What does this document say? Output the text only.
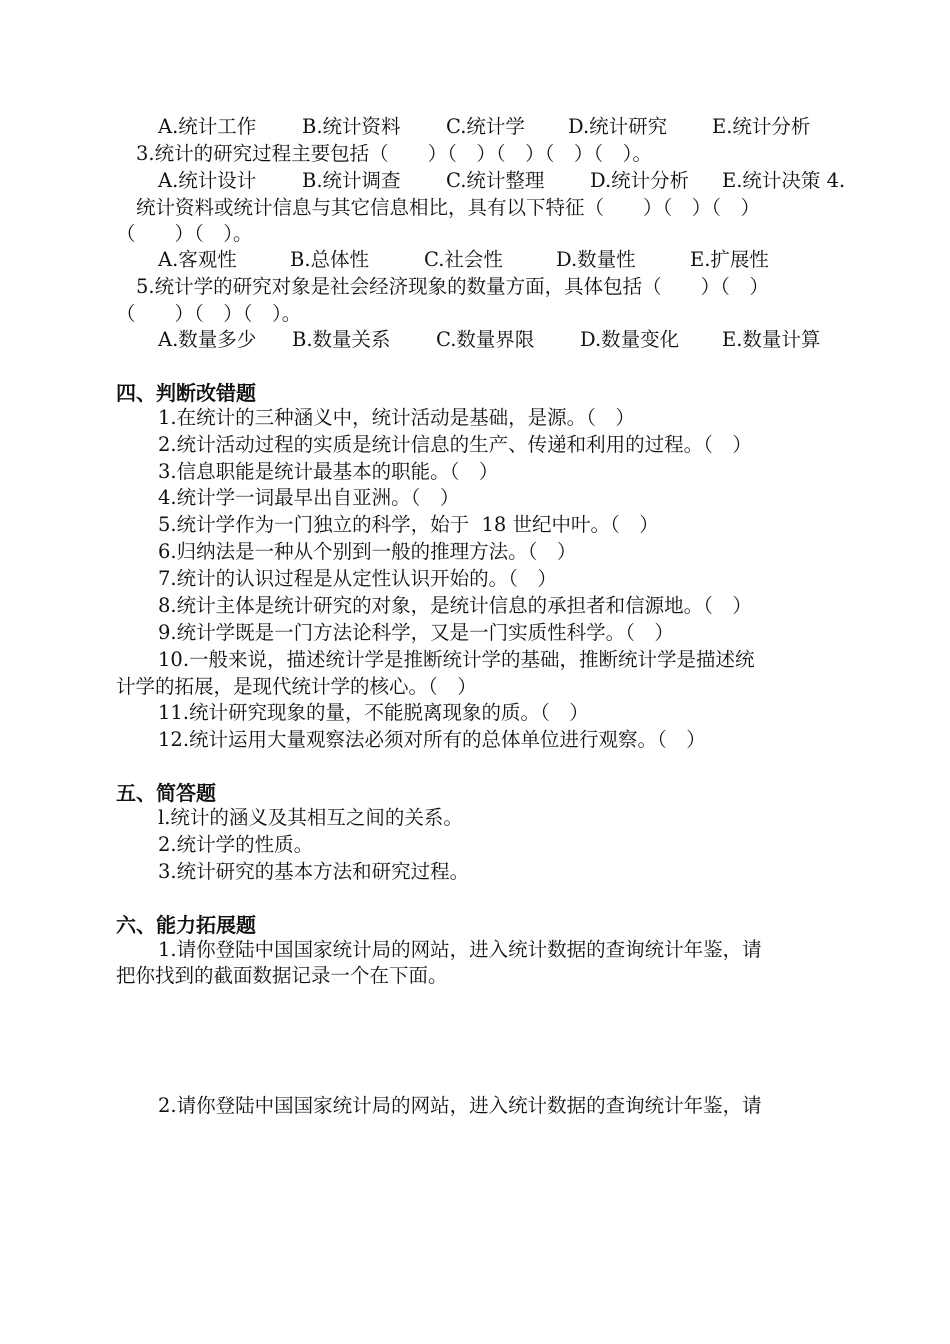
A.统计工作 B.统计资料 C.统计学 D.统计研究 E.统计分析
3.统计的研究过程主要包括（　　）（　）（　）（　）（　）。
A.统计设计 B.统计调查 C.统计整理 D.统计分析 E.统计决策 4.
统计资料或统计信息与其它信息相比，具有以下特征（　　）（　）（　）
（　　）（　）。
A.客观性	B.总体性	C.社会性	D.数量性	E.扩展性
5.统计学的研究对象是社会经济现象的数量方面，具体包括（　　）（　）
（　　）（　）（　）。
A.数量多少 B.数量关系 C.数量界限 D.数量变化 E.数量计算
四、判断改错题
1.在统计的三种涵义中，统计活动是基础，是源。（　）
2.统计活动过程的实质是统计信息的生产、传递和利用的过程。（　）
3.信息职能是统计最基本的职能。（　）
4.统计学一词最早出自亚洲。（　）
5.统计学作为一门独立的科学，始于  18 世纪中叶。（　）
6.归纳法是一种从个别到一般的推理方法。（　）
7.统计的认识过程是从定性认识开始的。（　）
8.统计主体是统计研究的对象，是统计信息的承担者和信源地。（　）
9.统计学既是一门方法论科学，又是一门实质性科学。（　）
10.一般来说，描述统计学是推断统计学的基础，推断统计学是描述统
计学的拓展，是现代统计学的核心。（　）
11.统计研究现象的量，不能脱离现象的质。（　）
12.统计运用大量观察法必须对所有的总体单位进行观察。（　）
五、简答题
l.统计的涵义及其相互之间的关系。
2.统计学的性质。
3.统计研究的基本方法和研究过程。
六、能力拓展题
1.请你登陆中国国家统计局的网站，进入统计数据的查询统计年鉴，请
把你找到的截面数据记录一个在下面。
2.请你登陆中国国家统计局的网站，进入统计数据的查询统计年鉴，请
